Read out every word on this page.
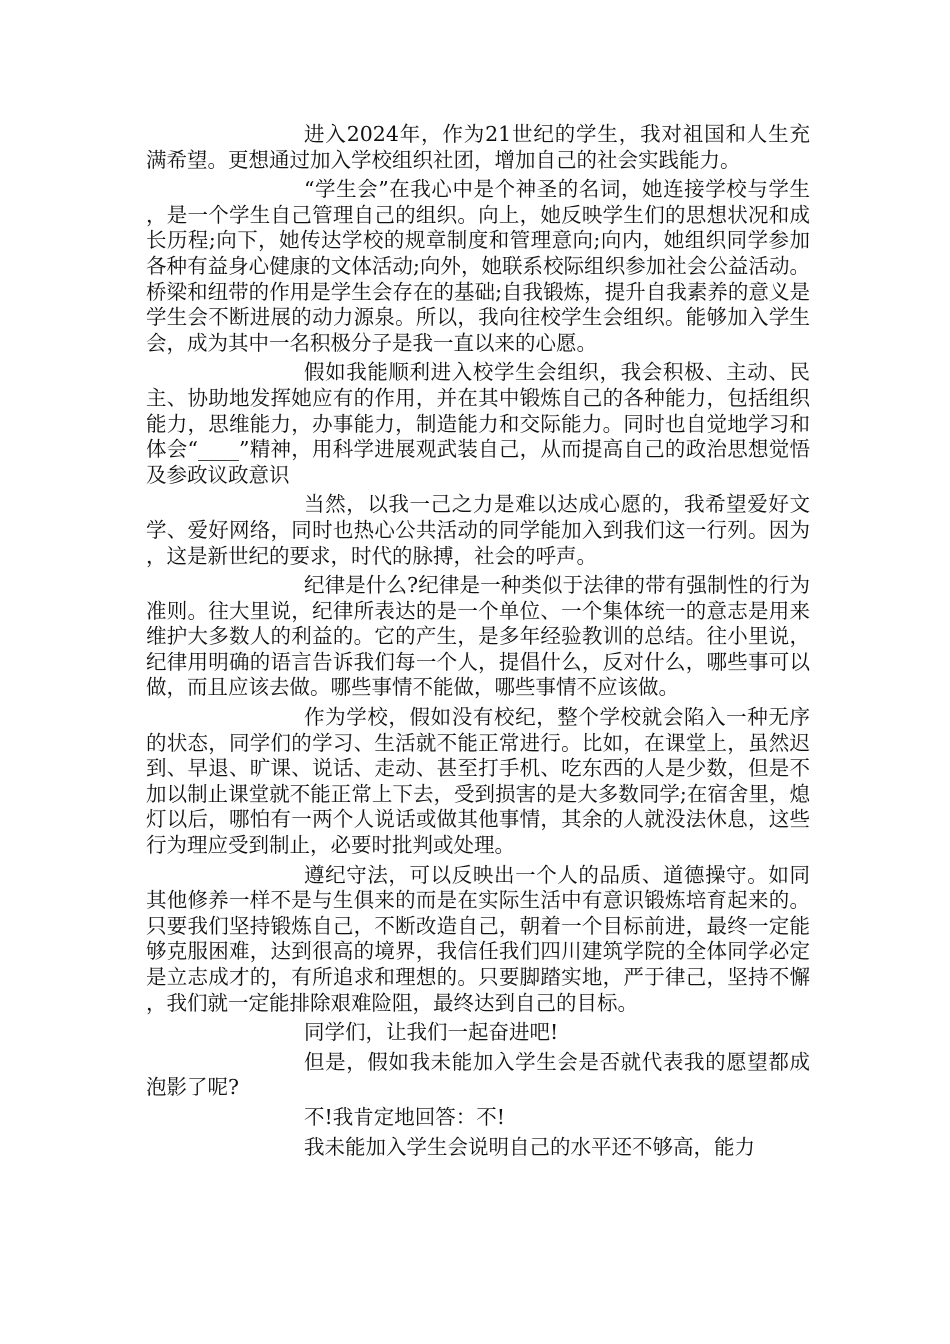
进入2024年，作为21世纪的学生，我对祖国和人生充满希望。更想通过加入学校组织社团，增加自己的社会实践能力。

“学生会”在我心中是个神圣的名词，她连接学校与学生，是一个学生自己管理自己的组织。向上，她反映学生们的思想状况和成长历程;向下，她传达学校的规章制度和管理意向;向内，她组织同学参加各种有益身心健康的文体活动;向外，她联系校际组织参加社会公益活动。桥梁和纽带的作用是学生会存在的基础;自我锻炼，提升自我素养的意义是学生会不断进展的动力源泉。所以，我向往校学生会组织。能够加入学生会，成为其中一名积极分子是我一直以来的心愿。

假如我能顺利进入校学生会组织，我会积极、主动、民主、协助地发挥她应有的作用，并在其中锻炼自己的各种能力，包括组织能力，思维能力，办事能力，制造能力和交际能力。同时也自觉地学习和体会“____”精神，用科学进展观武装自己，从而提高自己的政治思想觉悟及参政议政意识

当然，以我一己之力是难以达成心愿的，我希望爱好文学、爱好网络，同时也热心公共活动的同学能加入到我们这一行列。因为，这是新世纪的要求，时代的脉搏，社会的呼声。

纪律是什么?纪律是一种类似于法律的带有强制性的行为准则。往大里说，纪律所表达的是一个单位、一个集体统一的意志是用来维护大多数人的利益的。它的产生，是多年经验教训的总结。往小里说，纪律用明确的语言告诉我们每一个人，提倡什么，反对什么，哪些事可以做，而且应该去做。哪些事情不能做，哪些事情不应该做。

作为学校，假如没有校纪，整个学校就会陷入一种无序的状态，同学们的学习、生活就不能正常进行。比如，在课堂上，虽然迟到、早退、旷课、说话、走动、甚至打手机、吃东西的人是少数，但是不加以制止课堂就不能正常上下去，受到损害的是大多数同学;在宿舍里，熄灯以后，哪怕有一两个人说话或做其他事情，其余的人就没法休息，这些行为理应受到制止，必要时批判或处理。

遵纪守法，可以反映出一个人的品质、道德操守。如同其他修养一样不是与生俱来的而是在实际生活中有意识锻炼培育起来的。只要我们坚持锻炼自己，不断改造自己，朝着一个目标前进，最终一定能够克服困难，达到很高的境界，我信任我们四川建筑学院的全体同学必定是立志成才的，有所追求和理想的。只要脚踏实地，严于律己，坚持不懈，我们就一定能排除艰难险阻，最终达到自己的目标。

同学们，让我们一起奋进吧!

但是，假如我未能加入学生会是否就代表我的愿望都成泡影了呢?

不!我肯定地回答：不!

我未能加入学生会说明自己的水平还不够高，能力
